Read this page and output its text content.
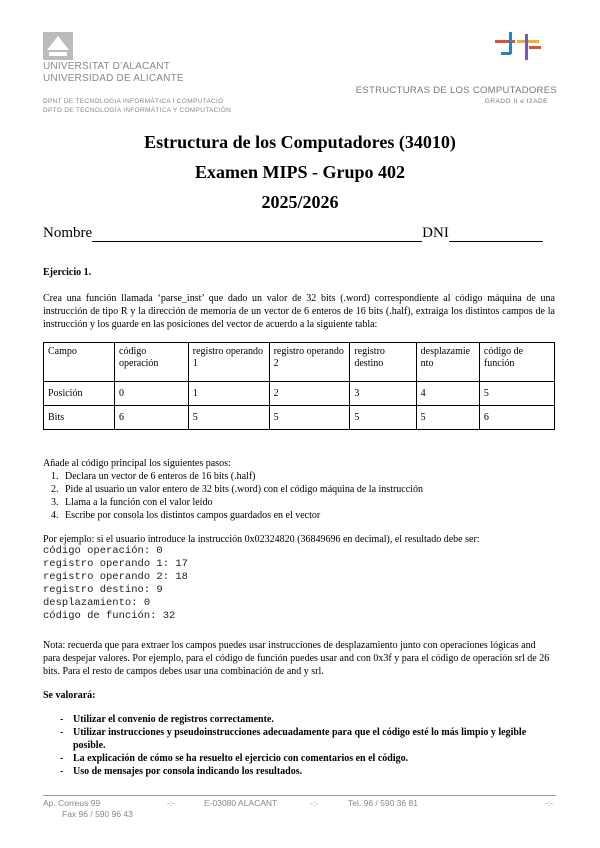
UNIVERSITAT D’ALACANT
UNIVERSIDAD DE ALICANTE
DPNT DE TECNOLOGIA INFORMÀTICA I COMPUTACIÓ
DPTO DE TECNOLOGÍA INFORMÁTICA Y COMPUTACIÓN
ESTRUCTURAS DE LOS COMPUTADORES
GRADO II e I2ADE
Estructura de los Computadores (34010)
Examen MIPS - Grupo 402
2025/2026
Nombre	DNI
Ejercicio 1.
Crea una función llamada ‘parse_inst’ que dado un valor de 32 bits (.word) correspondiente al código máquina de una instrucción de tipo R y la dirección de memoria de un vector de 6 enteros de 16 bits (.half), extraiga los distintos campos de la instrucción y los guarde en las posiciones del vector de acuerdo a la siguiente tabla:
Campo	código operación	registro operando 1	registro operando 2	registro destino	desplazamiento	código de función
Posición	0	1	2	3	4	5
Bits	6	5	5	5	5	6
Añade al código principal los siguientes pasos:
1. Declara un vector de 6 enteros de 16 bits (.half)
2. Pide al usuario un valor entero de 32 bits (.word) con el código máquina de la instrucción
3. Llama a la función con el valor leído
4. Escribe por consola los distintos campos guardados en el vector
Por ejemplo: si el usuario introduce la instrucción 0x02324820 (36849696 en decimal), el resultado debe ser:
código operación: 0
registro operando 1: 17
registro operando 2: 18
registro destino: 9
desplazamiento: 0
código de función: 32
Nota: recuerda que para extraer los campos puedes usar instrucciones de desplazamiento junto con operaciones lógicas and para despejar valores. Por ejemplo, para el código de función puedes usar and con 0x3f y para el código de operación srl de 26 bits. Para el resto de campos debes usar una combinación de and y srl.
Se valorará:
- Utilizar el convenio de registros correctamente.
- Utilizar instrucciones y pseudoinstrucciones adecuadamente para que el código esté lo más limpio y legible posible.
- La explicación de cómo se ha resuelto el ejercicio con comentarios en el código.
- Uso de mensajes por consola indicando los resultados.
Ap. Correus 99	-:-	E-03080 ALACANT	-:-	Tel. 96 / 590 36 81	-:-
Fax 96 / 590 96 43
